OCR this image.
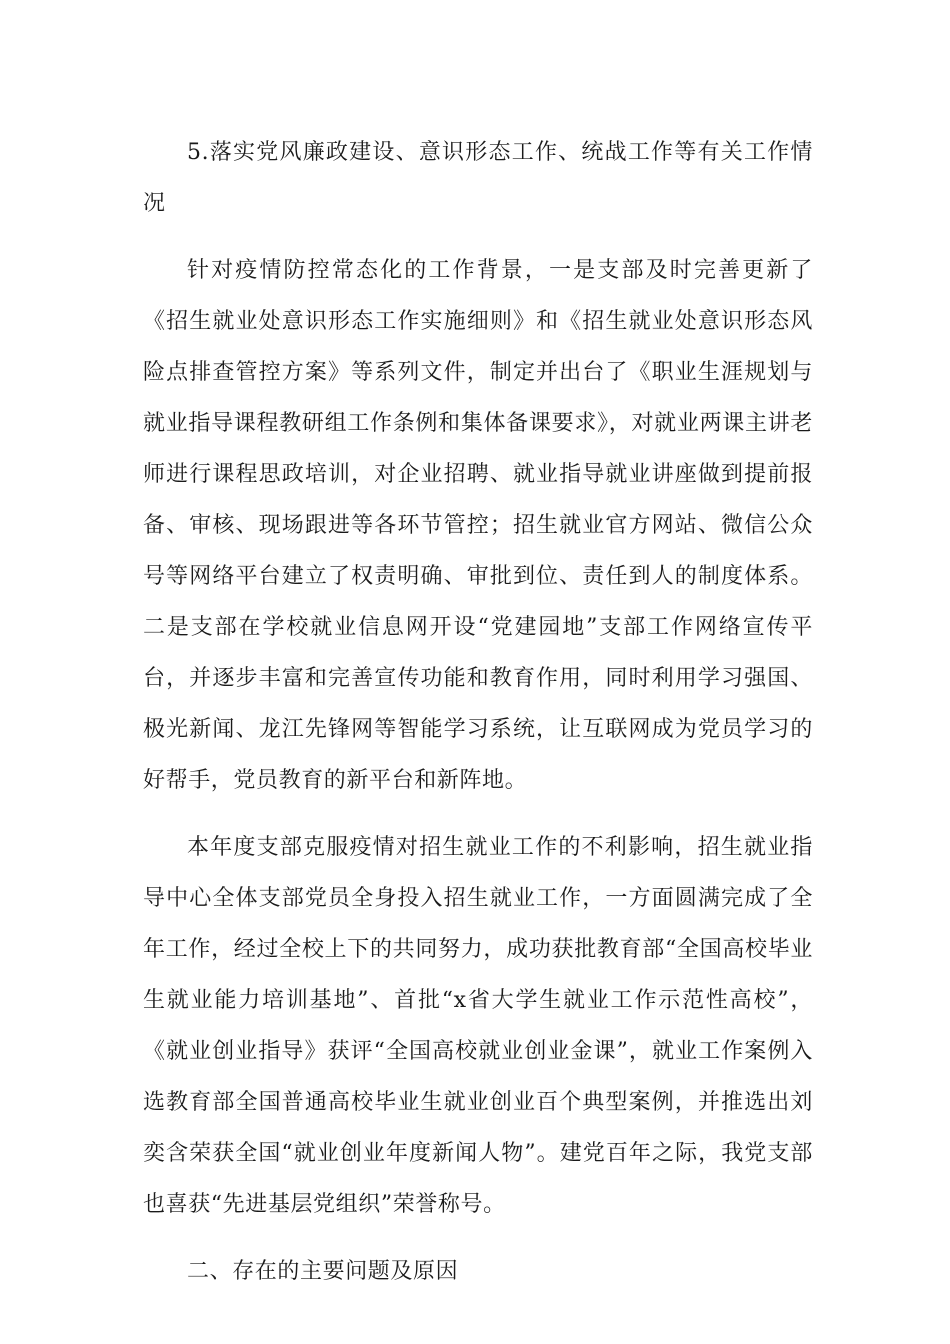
5.落实党风廉政建设、意识形态工作、统战工作等有关工作情况

针对疫情防控常态化的工作背景，一是支部及时完善更新了《招生就业处意识形态工作实施细则》和《招生就业处意识形态风险点排查管控方案》等系列文件，制定并出台了《职业生涯规划与就业指导课程教研组工作条例和集体备课要求》，对就业两课主讲老师进行课程思政培训，对企业招聘、就业指导就业讲座做到提前报备、审核、现场跟进等各环节管控；招生就业官方网站、微信公众号等网络平台建立了权责明确、审批到位、责任到人的制度体系。二是支部在学校就业信息网开设“党建园地”支部工作网络宣传平台，并逐步丰富和完善宣传功能和教育作用，同时利用学习强国、极光新闻、龙江先锋网等智能学习系统，让互联网成为党员学习的好帮手，党员教育的新平台和新阵地。

本年度支部克服疫情对招生就业工作的不利影响，招生就业指导中心全体支部党员全身投入招生就业工作，一方面圆满完成了全年工作，经过全校上下的共同努力，成功获批教育部“全国高校毕业生就业能力培训基地”、首批“x省大学生就业工作示范性高校”，《就业创业指导》获评“全国高校就业创业金课”，就业工作案例入选教育部全国普通高校毕业生就业创业百个典型案例，并推选出刘奕含荣获全国“就业创业年度新闻人物”。建党百年之际，我党支部也喜获“先进基层党组织”荣誉称号。

二、存在的主要问题及原因
